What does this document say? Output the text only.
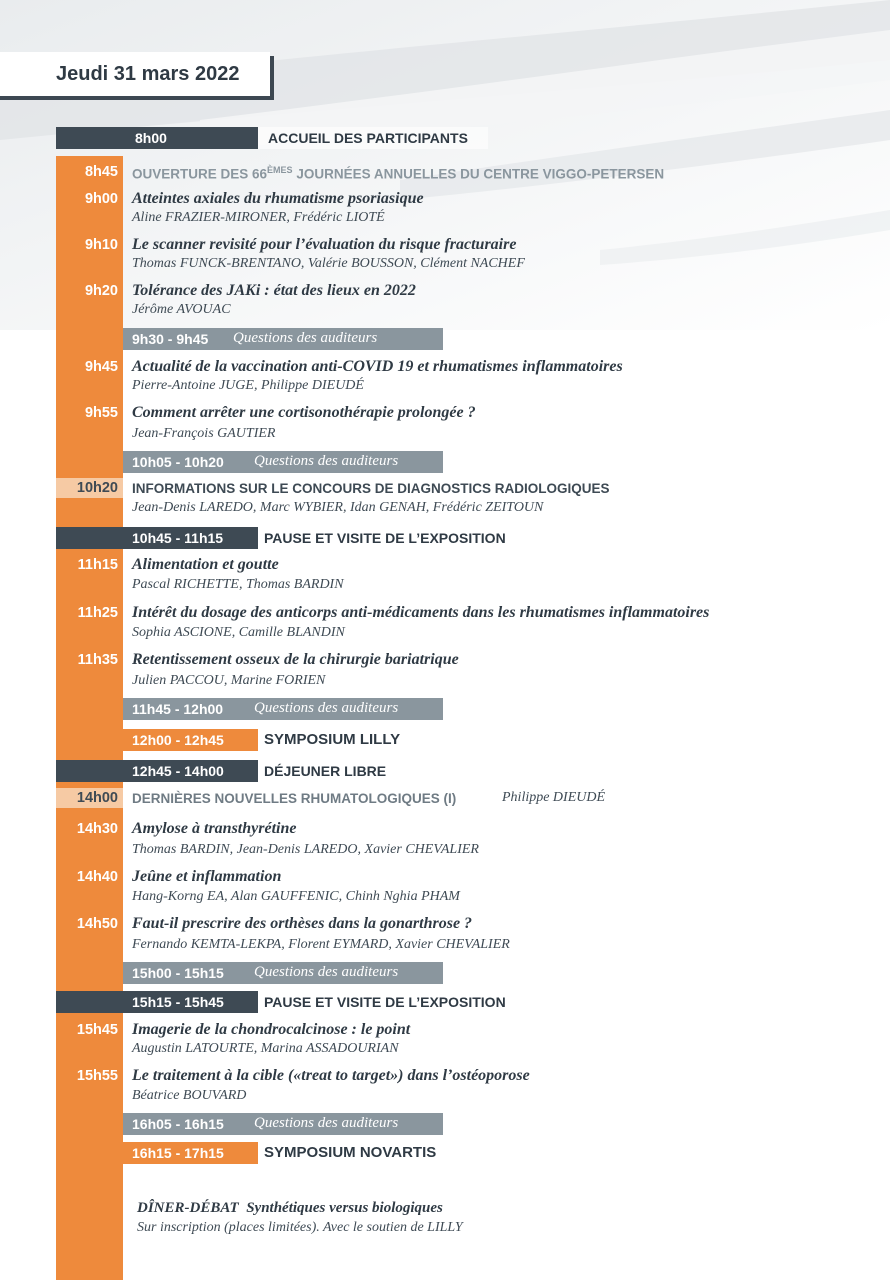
Jeudi 31 mars 2022
8h00	ACCUEIL DES PARTICIPANTS
8h45 OUVERTURE DES 66ÈMES JOURNÉES ANNUELLES DU CENTRE VIGGO-PETERSEN
9h00 Atteintes axiales du rhumatisme psoriasique
Aline FRAZIER-MIRONER, Frédéric LIOTÉ
9h10 Le scanner revisité pour l’évaluation du risque fracturaire
Thomas FUNCK-BRENTANO, Valérie BOUSSON, Clément NACHEF
9h20 Tolérance des JAKi : état des lieux en 2022
Jérôme AVOUAC
9h30 - 9h45 Questions des auditeurs
9h45 Actualité de la vaccination anti-COVID 19 et rhumatismes inflammatoires
Pierre-Antoine JUGE, Philippe DIEUDÉ
9h55 Comment arrêter une cortisonothérapie prolongée ?
Jean-François GAUTIER
10h05 - 10h20 Questions des auditeurs
10h20 INFORMATIONS SUR LE CONCOURS DE DIAGNOSTICS RADIOLOGIQUES
Jean-Denis LAREDO, Marc WYBIER, Idan GENAH, Frédéric ZEITOUN
10h45 - 11h15	PAUSE ET VISITE DE L’EXPOSITION
11h15 Alimentation et goutte
Pascal RICHETTE, Thomas BARDIN
11h25 Intérêt du dosage des anticorps anti-médicaments dans les rhumatismes inflammatoires
Sophia ASCIONE, Camille BLANDIN
11h35 Retentissement osseux de la chirurgie bariatrique
Julien PACCOU, Marine FORIEN
11h45 - 12h00 Questions des auditeurs
12h00 - 12h45	SYMPOSIUM LILLY
12h45 - 14h00	DÉJEUNER LIBRE
14h00 DERNIÈRES NOUVELLES RHUMATOLOGIQUES (I)	Philippe DIEUDÉ
14h30 Amylose à transthyrétine
Thomas BARDIN, Jean-Denis LAREDO, Xavier CHEVALIER
14h40 Jeûne et inflammation
Hang-Korng EA, Alan GAUFFENIC, Chinh Nghia PHAM
14h50 Faut-il prescrire des orthèses dans la gonarthrose ?
Fernando KEMTA-LEKPA, Florent EYMARD, Xavier CHEVALIER
15h00 - 15h15 Questions des auditeurs
15h15 - 15h45	PAUSE ET VISITE DE L’EXPOSITION
15h45 Imagerie de la chondrocalcinose : le point
Augustin LATOURTE, Marina ASSADOURIAN
15h55 Le traitement à la cible («treat to target») dans l’ostéoporose
Béatrice BOUVARD
16h05 - 16h15 Questions des auditeurs
16h15 - 17h15	SYMPOSIUM NOVARTIS
DÎNER-DÉBAT Synthétiques versus biologiques
Sur inscription (places limitées). Avec le soutien de LILLY
